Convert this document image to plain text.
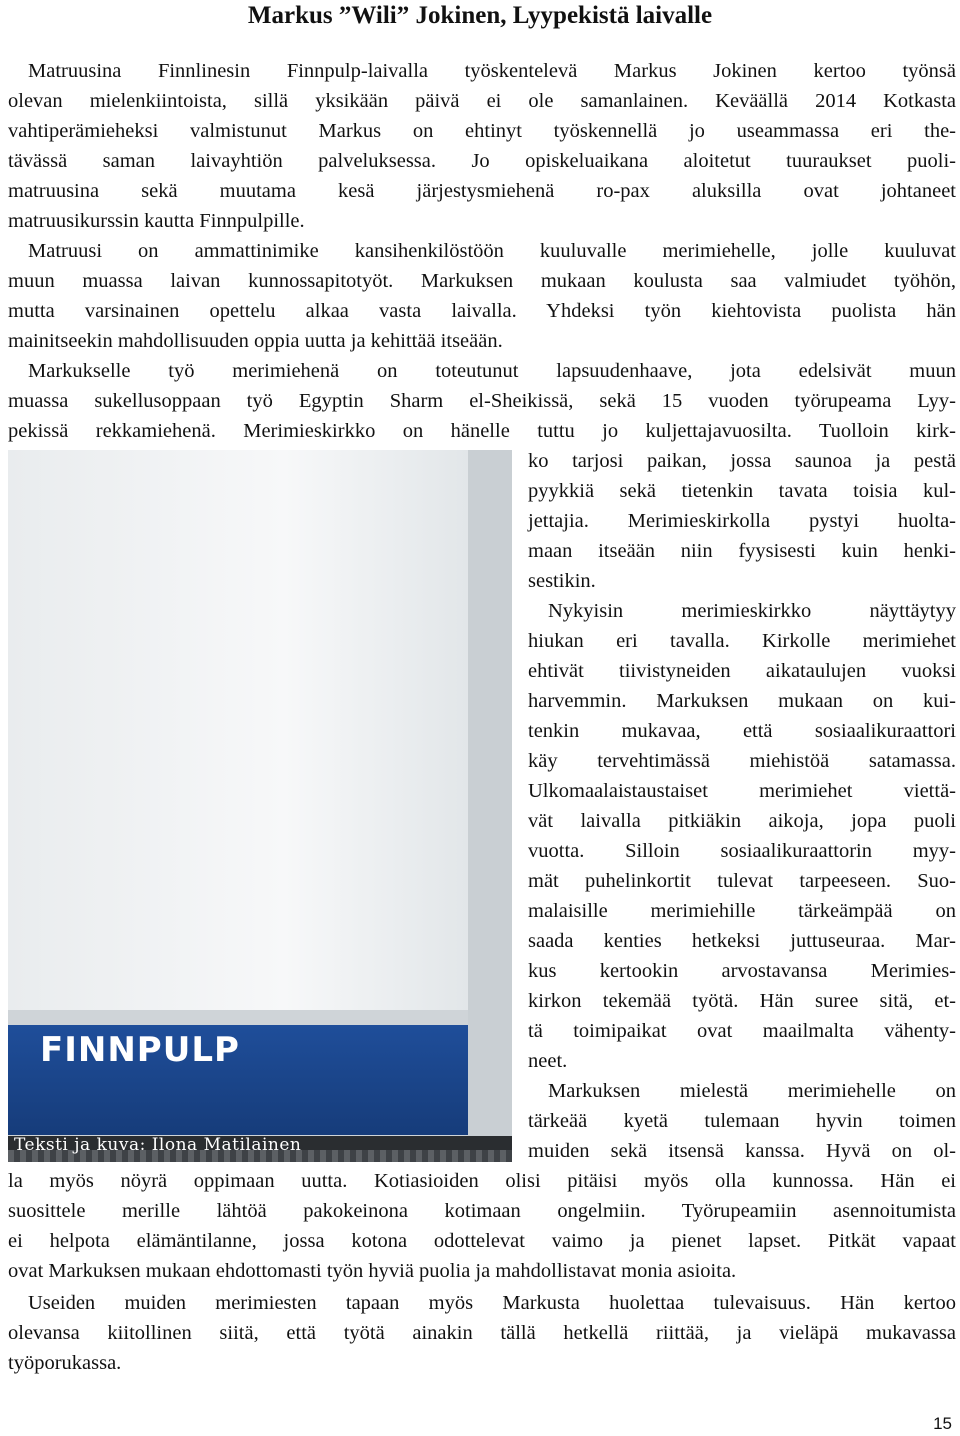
Markus ”Wili” Jokinen, Lyypekistä laivalle

Matruusina Finnlinesin Finnpulp-laivalla työskentelevä Markus Jokinen kertoo työnsä
olevan mielenkiintoista, sillä yksikään päivä ei ole samanlainen. Keväällä 2014 Kotkasta
vahtiperämieheksi valmistunut Markus on ehtinyt työskennellä jo useammassa eri the-
tävässä saman laivayhtiön palveluksessa. Jo opiskeluaikana aloitetut tuuraukset puoli-
matruusina sekä muutama kesä järjestysmiehenä ro-pax aluksilla ovat johtaneet
matruusikurssin kautta Finnpulpille.

Matruusi on ammattinimike kansihenkilöstöön kuuluvalle merimiehelle, jolle kuuluvat
muun muassa laivan kunnossapitotyöt. Markuksen mukaan koulusta saa valmiudet työhön,
mutta varsinainen opettelu alkaa vasta laivalla. Yhdeksi työn kiehtovista puolista hän
mainitseekin mahdollisuuden oppia uutta ja kehittää itseään.

Markukselle työ merimiehenä on toteutunut lapsuudenhaave, jota edelsivät muun
muassa sukellusoppaan työ Egyptin Sharm el-Sheikissä, sekä 15 vuoden työrupeama Lyy-
pekissä rekkamiehenä. Merimieskirkko on hänelle tuttu jo kuljettajavuosilta. Tuolloin kirk-

FINNPULP
Teksti ja kuva: Ilona Matilainen

ko tarjosi paikan, jossa saunoa ja pestä
pyykkiä sekä tietenkin tavata toisia kul-
jettajia. Merimieskirkolla pystyi huolta-
maan itseään niin fyysisesti kuin henki-
sestikin.

Nykyisin merimieskirkko näyttäytyy
hiukan eri tavalla. Kirkolle merimiehet
ehtivät tiivistyneiden aikataulujen vuoksi
harvemmin. Markuksen mukaan on kui-
tenkin mukavaa, että sosiaalikuraattori
käy tervehtimässä miehistöä satamassa.
Ulkomaalaistaustaiset merimiehet viettä-
vät laivalla pitkiäkin aikoja, jopa puoli
vuotta. Silloin sosiaalikuraattorin myy-
mät puhelinkortit tulevat tarpeeseen. Suo-
malaisille merimiehille tärkeämpää on
saada kenties hetkeksi juttuseuraa. Mar-
kus kertookin arvostavansa Merimies-
kirkon tekemää työtä. Hän suree sitä, et-
tä toimipaikat ovat maailmalta vähenty-
neet.

Markuksen mielestä merimiehelle on
tärkeää kyetä tulemaan hyvin toimen
muiden sekä itsensä kanssa. Hyvä on ol-

la myös nöyrä oppimaan uutta. Kotiasioiden olisi pitäisi myös olla kunnossa. Hän ei
suosittele merille lähtöä pakokeinona kotimaan ongelmiin. Työrupeamiin asennoitumista
ei helpota elämäntilanne, jossa kotona odottelevat vaimo ja pienet lapset. Pitkät vapaat
ovat Markuksen mukaan ehdottomasti työn hyviä puolia ja mahdollistavat monia asioita.

Useiden muiden merimiesten tapaan myös Markusta huolettaa tulevaisuus. Hän kertoo
olevansa kiitollinen siitä, että työtä ainakin tällä hetkellä riittää, ja vieläpä mukavassa
työporukassa.

15
